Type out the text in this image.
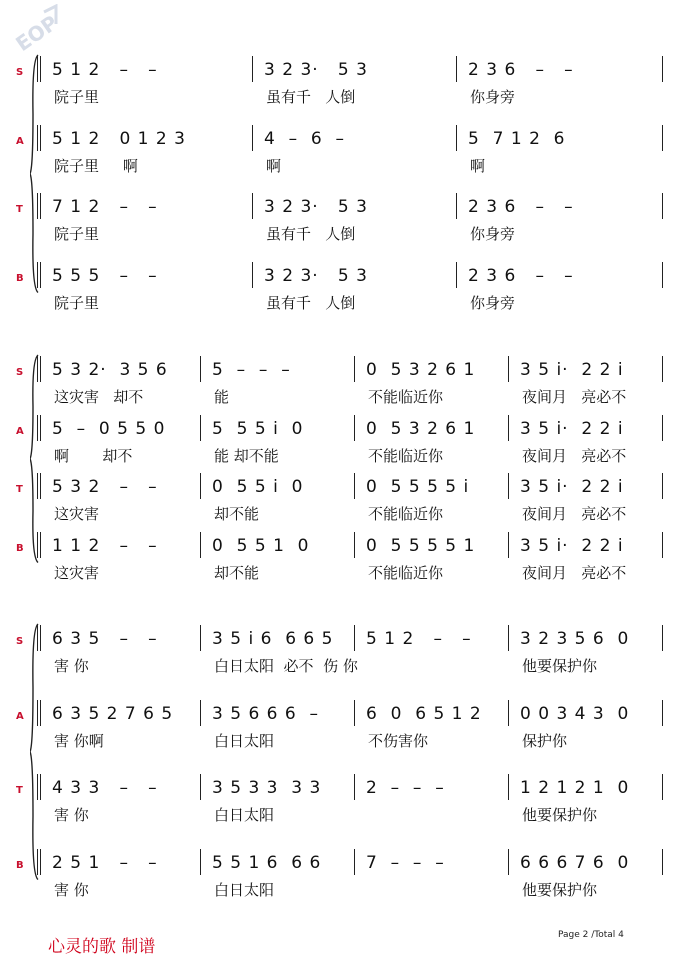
EOP
S 5 1 2   –   –
院子里
3 2 3·   5 3
虽有千   人倒
2 3 6   –   –
你身旁
A 5 1 2   0 1 2 3
院子里     啊
4  –  6  –
啊
5  7 1 2  6
啊
T 7 1 2   –   –
院子里
3 2 3·   5 3
虽有千   人倒
2 3 6   –   –
你身旁
B 5 5 5   –   –
院子里
3 2 3·   5 3
虽有千   人倒
2 3 6   –   –
你身旁
S 5 3 2·  3 5 6
这灾害   却不
5  –  –  –
能
0  5 3 2 6 1
不能临近你
3 5 i·  2 2 i
夜间月   亮必不
A 5  –  0 5 5 0
啊       却不
5  5 5 i  0
能 却不能
0  5 3 2 6 1
不能临近你
3 5 i·  2 2 i
夜间月   亮必不
T 5 3 2   –   –
这灾害
0  5 5 i  0
却不能
0  5 5 5 5 i
不能临近你
3 5 i·  2 2 i
夜间月   亮必不
B 1 1 2   –   –
这灾害
0  5 5 1  0
却不能
0  5 5 5 5 1
不能临近你
3 5 i·  2 2 i
夜间月   亮必不
S 6 3 5   –   –
害 你
3 5 i 6  6 6 5
白日太阳  必不  伤 你
5 1 2   –   –	3 2 3 5 6  0
他要保护你
A 6 3 5 2 7 6 5
害 你啊
3 5 6 6 6  –
白日太阳
6  0  6 5 1 2
不伤害你
0 0 3 4 3  0
保护你
T 4 3 3   –   –
害 你
3 5 3 3  3 3
白日太阳
2  –  –  –	1 2 1 2 1  0
他要保护你
B 2 5 1   –   –
害 你
5 5 1 6  6 6
白日太阳
7  –  –  –	6 6 6 7 6  0
他要保护你
心灵的歌 制谱
Page 2 /Total 4
